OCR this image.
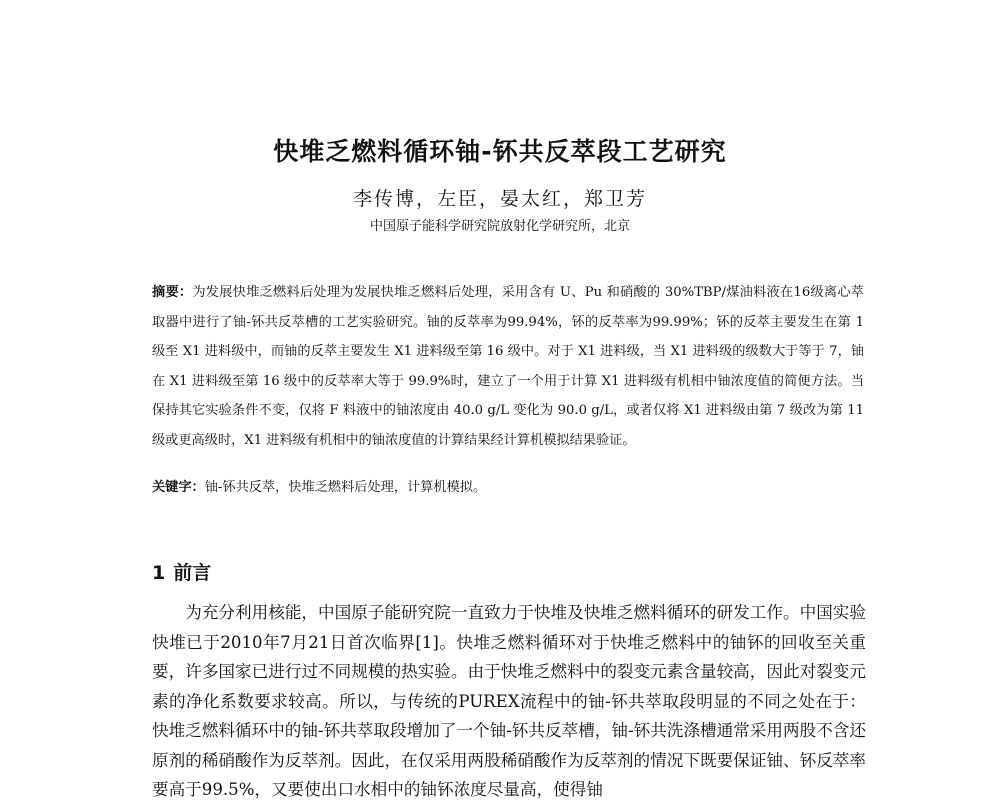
快堆乏燃料循环铀-钚共反萃段工艺研究
李传博，左臣，晏太红，郑卫芳
中国原子能科学研究院放射化学研究所，北京
摘要：为发展快堆乏燃料后处理为发展快堆乏燃料后处理，采用含有 U、Pu 和硝酸的 30%TBP/煤油料液在16级离心萃取器中进行了铀-钚共反萃槽的工艺实验研究。铀的反萃率为99.94%，钚的反萃率为99.99%；钚的反萃主要发生在第 1 级至 X1 进料级中，而铀的反萃主要发生 X1 进料级至第 16 级中。对于 X1 进料级，当 X1 进料级的级数大于等于 7，铀在 X1 进料级至第 16 级中的反萃率大等于 99.9%时，建立了一个用于计算 X1 进料级有机相中铀浓度值的简便方法。当保持其它实验条件不变，仅将 F 料液中的铀浓度由 40.0 g/L 变化为 90.0 g/L，或者仅将 X1 进料级由第 7 级改为第 11 级或更高级时，X1 进料级有机相中的铀浓度值的计算结果经计算机模拟结果验证。
关键字：铀-钚共反萃，快堆乏燃料后处理，计算机模拟。
1 前言
为充分利用核能，中国原子能研究院一直致力于快堆及快堆乏燃料循环的研发工作。中国实验快堆已于2010年7月21日首次临界[1]。快堆乏燃料循环对于快堆乏燃料中的铀钚的回收至关重要，许多国家已进行过不同规模的热实验。由于快堆乏燃料中的裂变元素含量较高，因此对裂变元素的净化系数要求较高。所以，与传统的PUREX流程中的铀-钚共萃取段明显的不同之处在于：快堆乏燃料循环中的铀-钚共萃取段增加了一个铀-钚共反萃槽，铀-钚共洗涤槽通常采用两股不含还原剂的稀硝酸作为反萃剂。因此，在仅采用两股稀硝酸作为反萃剂的情况下既要保证铀、钚反萃率要高于99.5%，又要使出口水相中的铀钚浓度尽量高，使得铀
